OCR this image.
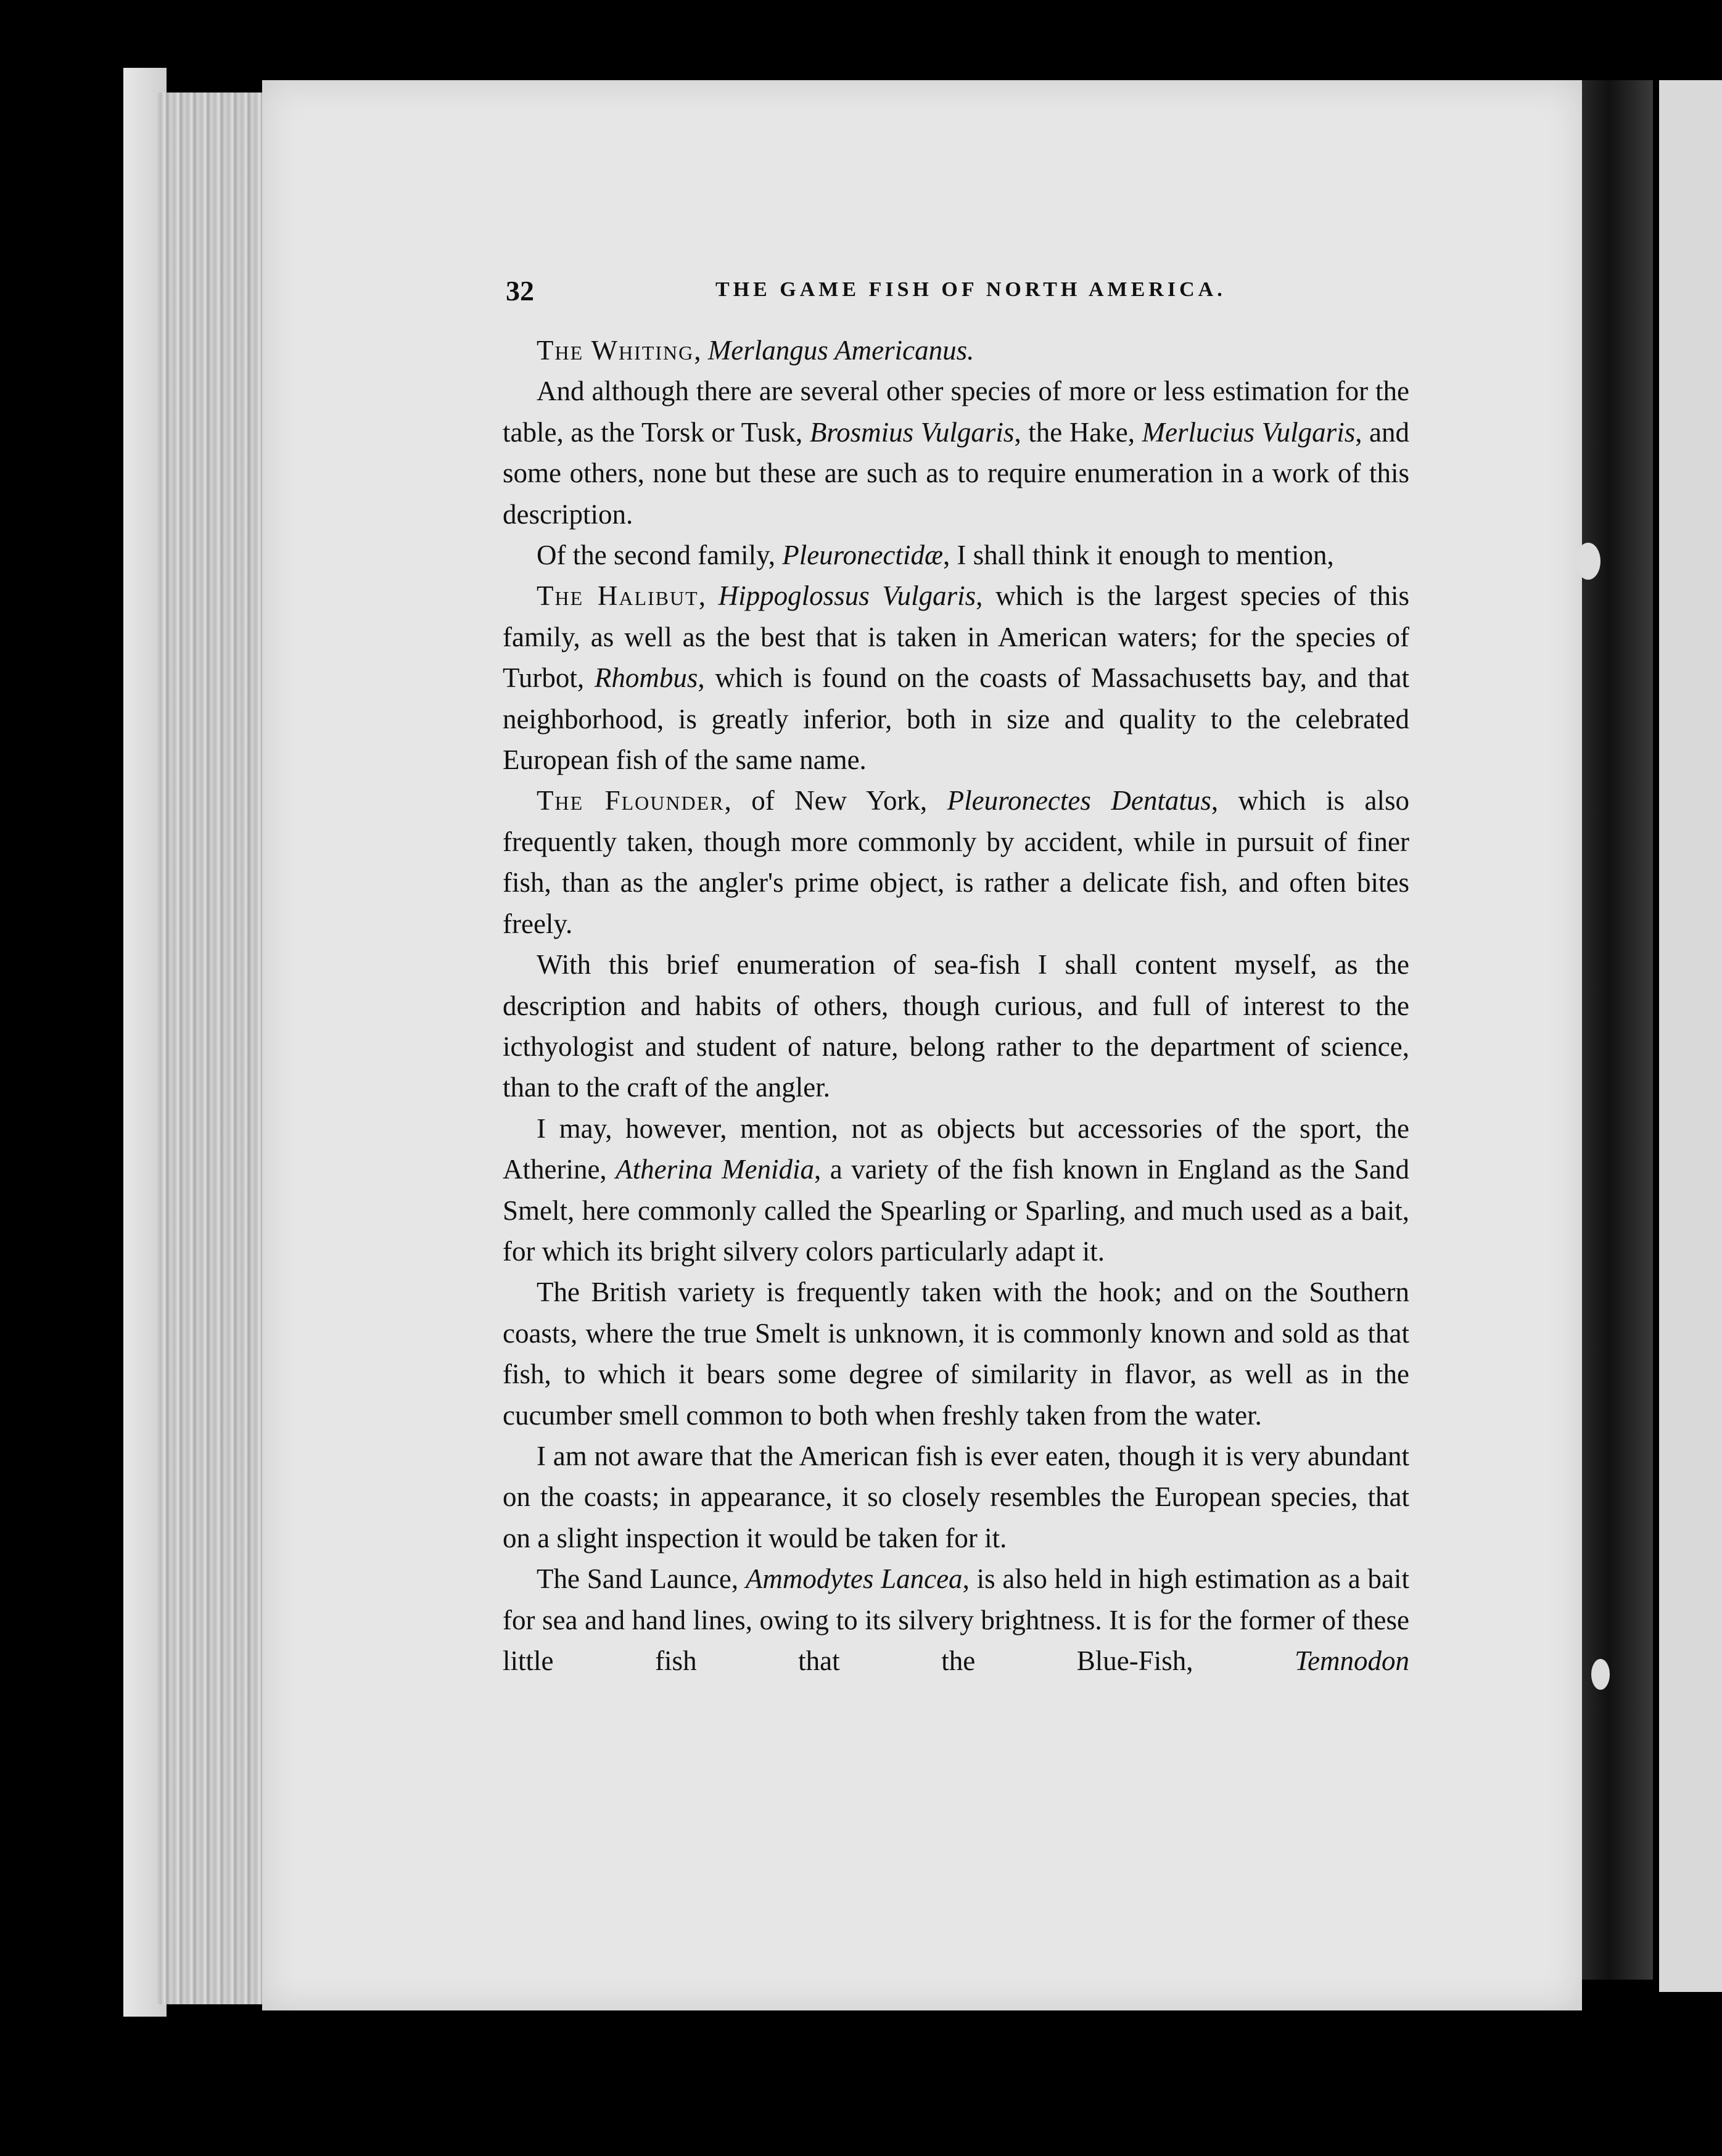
32	THE GAME FISH OF NORTH AMERICA.

The Whiting, Merlangus Americanus.

And although there are several other species of more or less estimation for the table, as the Torsk or Tusk, Brosmius Vulgaris, the Hake, Merlucius Vulgaris, and some others, none but these are such as to require enumeration in a work of this description.

Of the second family, Pleuronectidæ, I shall think it enough to mention,

The Halibut, Hippoglossus Vulgaris, which is the largest species of this family, as well as the best that is taken in American waters; for the species of Turbot, Rhombus, which is found on the coasts of Massachusetts bay, and that neighborhood, is greatly inferior, both in size and quality to the celebrated European fish of the same name.

The Flounder, of New York, Pleuronectes Dentatus, which is also frequently taken, though more commonly by accident, while in pursuit of finer fish, than as the angler's prime object, is rather a delicate fish, and often bites freely.

With this brief enumeration of sea-fish I shall content myself, as the description and habits of others, though curious, and full of interest to the icthyologist and student of nature, belong rather to the department of science, than to the craft of the angler.

I may, however, mention, not as objects but accessories of the sport, the Atherine, Atherina Menidia, a variety of the fish known in England as the Sand Smelt, here commonly called the Spearling or Sparling, and much used as a bait, for which its bright silvery colors particularly adapt it.

The British variety is frequently taken with the hook; and on the Southern coasts, where the true Smelt is unknown, it is commonly known and sold as that fish, to which it bears some degree of similarity in flavor, as well as in the cucumber smell common to both when freshly taken from the water.

I am not aware that the American fish is ever eaten, though it is very abundant on the coasts; in appearance, it so closely resembles the European species, that on a slight inspection it would be taken for it.

The Sand Launce, Ammodytes Lancea, is also held in high estimation as a bait for sea and hand lines, owing to its silvery brightness. It is for the former of these little fish that the Blue-Fish, Temnodon
